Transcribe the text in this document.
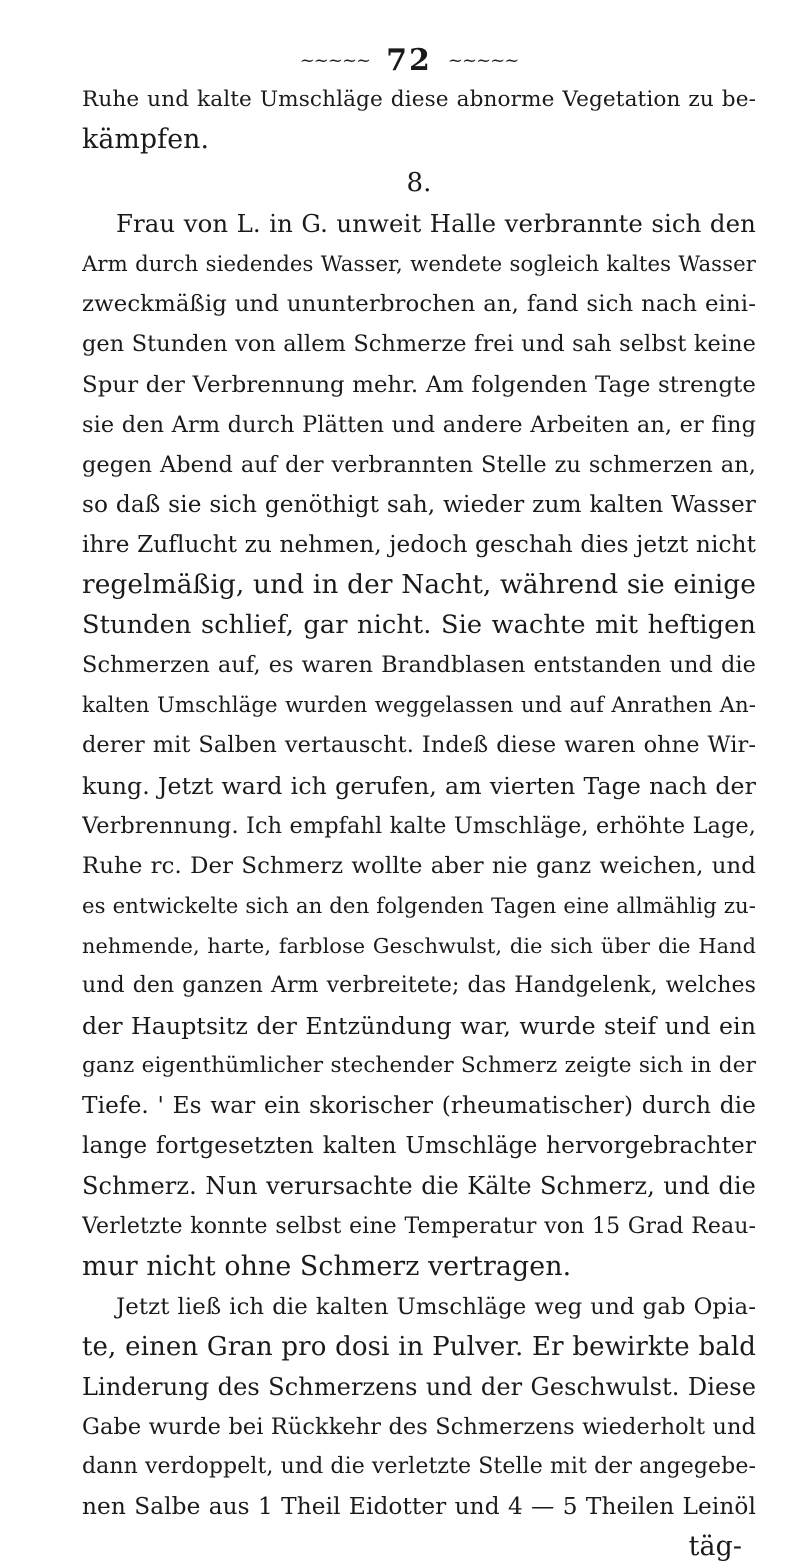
~~~~~ 72 ~~~~~
Ruhe und kalte Umschläge diese abnorme Vegetation zu be-
kämpfen.
8.
Frau von L. in G. unweit Halle verbrannte sich den
Arm durch siedendes Wasser, wendete sogleich kaltes Wasser
zweckmäßig und ununterbrochen an, fand sich nach eini-
gen Stunden von allem Schmerze frei und sah selbst keine
Spur der Verbrennung mehr. Am folgenden Tage strengte
sie den Arm durch Plätten und andere Arbeiten an, er fing
gegen Abend auf der verbrannten Stelle zu schmerzen an,
so daß sie sich genöthigt sah, wieder zum kalten Wasser
ihre Zuflucht zu nehmen, jedoch geschah dies jetzt nicht
regelmäßig, und in der Nacht, während sie einige
Stunden schlief, gar nicht. Sie wachte mit heftigen
Schmerzen auf, es waren Brandblasen entstanden und die
kalten Umschläge wurden weggelassen und auf Anrathen An-
derer mit Salben vertauscht. Indeß diese waren ohne Wir-
kung. Jetzt ward ich gerufen, am vierten Tage nach der
Verbrennung. Ich empfahl kalte Umschläge, erhöhte Lage,
Ruhe rc. Der Schmerz wollte aber nie ganz weichen, und
es entwickelte sich an den folgenden Tagen eine allmählig zu-
nehmende, harte, farblose Geschwulst, die sich über die Hand
und den ganzen Arm verbreitete; das Handgelenk, welches
der Hauptsitz der Entzündung war, wurde steif und ein
ganz eigenthümlicher stechender Schmerz zeigte sich in der
Tiefe. ' Es war ein skorischer (rheumatischer) durch die
lange fortgesetzten kalten Umschläge hervorgebrachter
Schmerz. Nun verursachte die Kälte Schmerz, und die
Verletzte konnte selbst eine Temperatur von 15 Grad Reau-
mur nicht ohne Schmerz vertragen.
Jetzt ließ ich die kalten Umschläge weg und gab Opia-
te, einen Gran pro dosi in Pulver. Er bewirkte bald
Linderung des Schmerzens und der Geschwulst. Diese
Gabe wurde bei Rückkehr des Schmerzens wiederholt und
dann verdoppelt, und die verletzte Stelle mit der angegebe-
nen Salbe aus 1 Theil Eidotter und 4 — 5 Theilen Leinöl
täg-
